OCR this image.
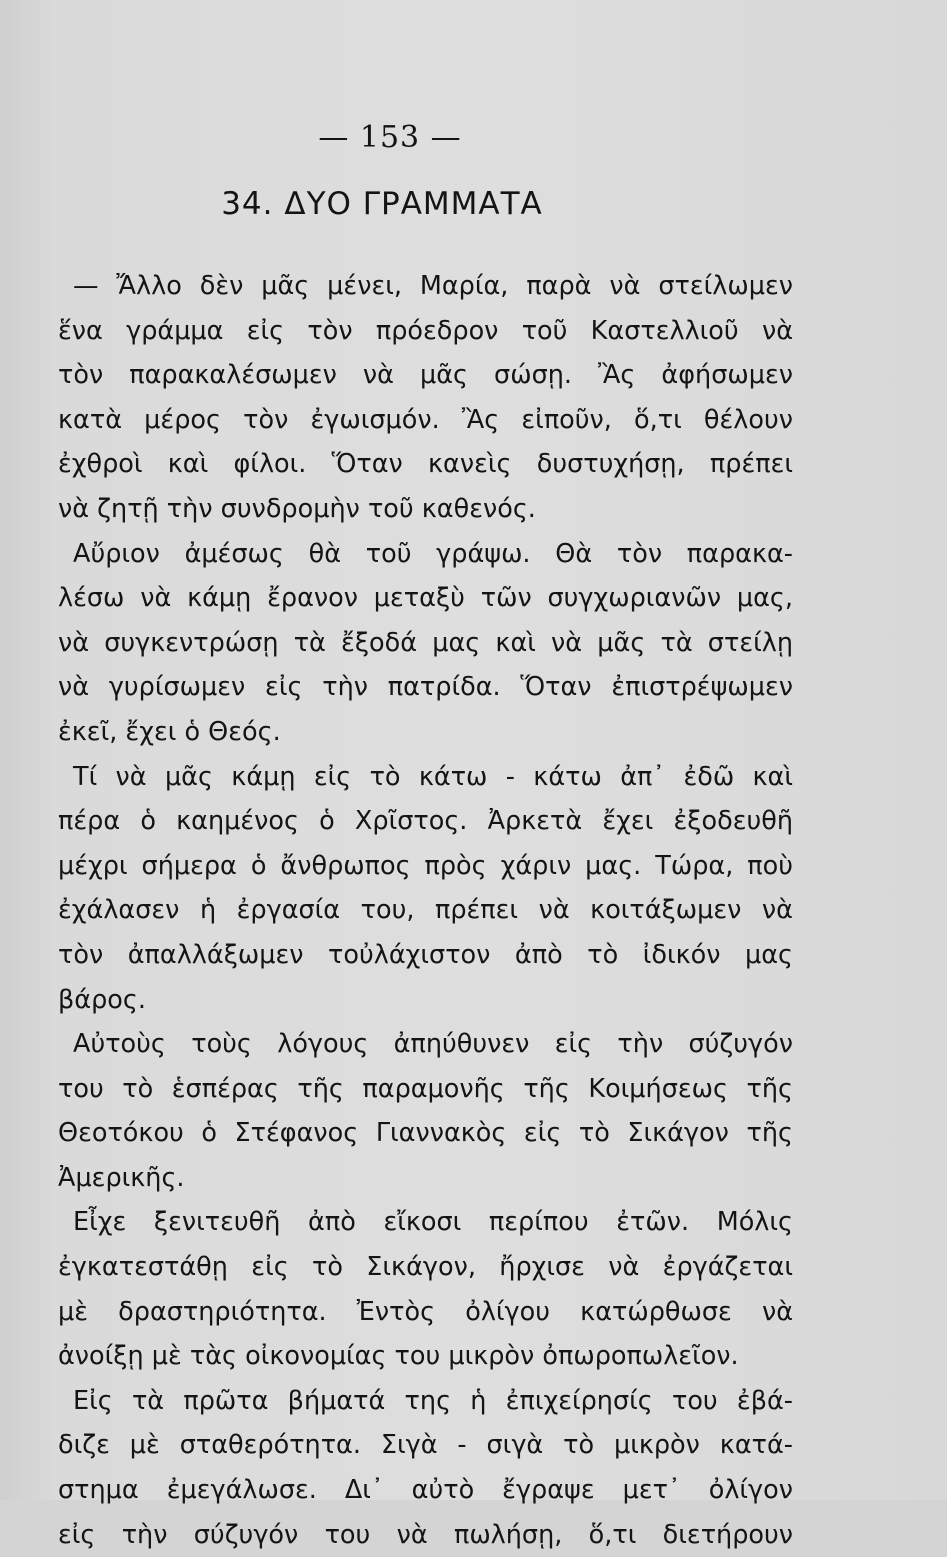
— 153 —
34. ΔΥΟ ΓΡΑΜΜΑΤΑ
— Ἄλλο δὲν μᾶς μένει, Μαρία, παρὰ νὰ στείλωμεν
ἕνα γράμμα εἰς τὸν πρόεδρον τοῦ Καστελλιοῦ νὰ
τὸν παρακαλέσωμεν νὰ μᾶς σώσῃ. Ἂς ἀφήσωμεν
κατὰ μέρος τὸν ἐγωισμόν. Ἂς εἰποῦν, ὅ,τι θέλουν
ἐχθροὶ καὶ φίλοι. Ὅταν κανεὶς δυστυχήσῃ, πρέπει
νὰ ζητῇ τὴν συνδρομὴν τοῦ καθενός.
Αὔριον ἀμέσως θὰ τοῦ γράψω. Θὰ τὸν παρακα-
λέσω νὰ κάμῃ ἔρανον μεταξὺ τῶν συγχωριανῶν μας,
νὰ συγκεντρώσῃ τὰ ἔξοδά μας καὶ νὰ μᾶς τὰ στείλῃ
νὰ γυρίσωμεν εἰς τὴν πατρίδα. Ὅταν ἐπιστρέψωμεν
ἐκεῖ, ἔχει ὁ Θεός.
Τί νὰ μᾶς κάμῃ εἰς τὸ κάτω - κάτω ἀπ᾿ ἐδῶ καὶ
πέρα ὁ καημένος ὁ Χρῖστος. Ἀρκετὰ ἔχει ἐξοδευθῆ
μέχρι σήμερα ὁ ἄνθρωπος πρὸς χάριν μας. Τώρα, ποὺ
ἐχάλασεν ἡ ἐργασία του, πρέπει νὰ κοιτάξωμεν νὰ
τὸν ἀπαλλάξωμεν τοὐλάχιστον ἀπὸ τὸ ἰδικόν μας
βάρος.
Αὐτοὺς τοὺς λόγους ἀπηύθυνεν εἰς τὴν σύζυγόν
του τὸ ἑσπέρας τῆς παραμονῆς τῆς Κοιμήσεως τῆς
Θεοτόκου ὁ Στέφανος Γιαννακὸς εἰς τὸ Σικάγον τῆς
Ἀμερικῆς.
Εἶχε ξενιτευθῆ ἀπὸ εἴκοσι περίπου ἐτῶν. Μόλις
ἐγκατεστάθῃ εἰς τὸ Σικάγον, ἤρχισε νὰ ἐργάζεται
μὲ δραστηριότητα. Ἐντὸς ὀλίγου κατώρθωσε νὰ
ἀνοίξῃ μὲ τὰς οἰκονομίας του μικρὸν ὀπωροπωλεῖον.
Εἰς τὰ πρῶτα βήματά της ἡ ἐπιχείρησίς του ἐβά-
διζε μὲ σταθερότητα. Σιγὰ - σιγὰ τὸ μικρὸν κατά-
στημα ἐμεγάλωσε. Δι᾿ αὐτὸ ἔγραψε μετ᾿ ὀλίγον
εἰς τὴν σύζυγόν του νὰ πωλήσῃ, ὅ,τι διετήρουν
